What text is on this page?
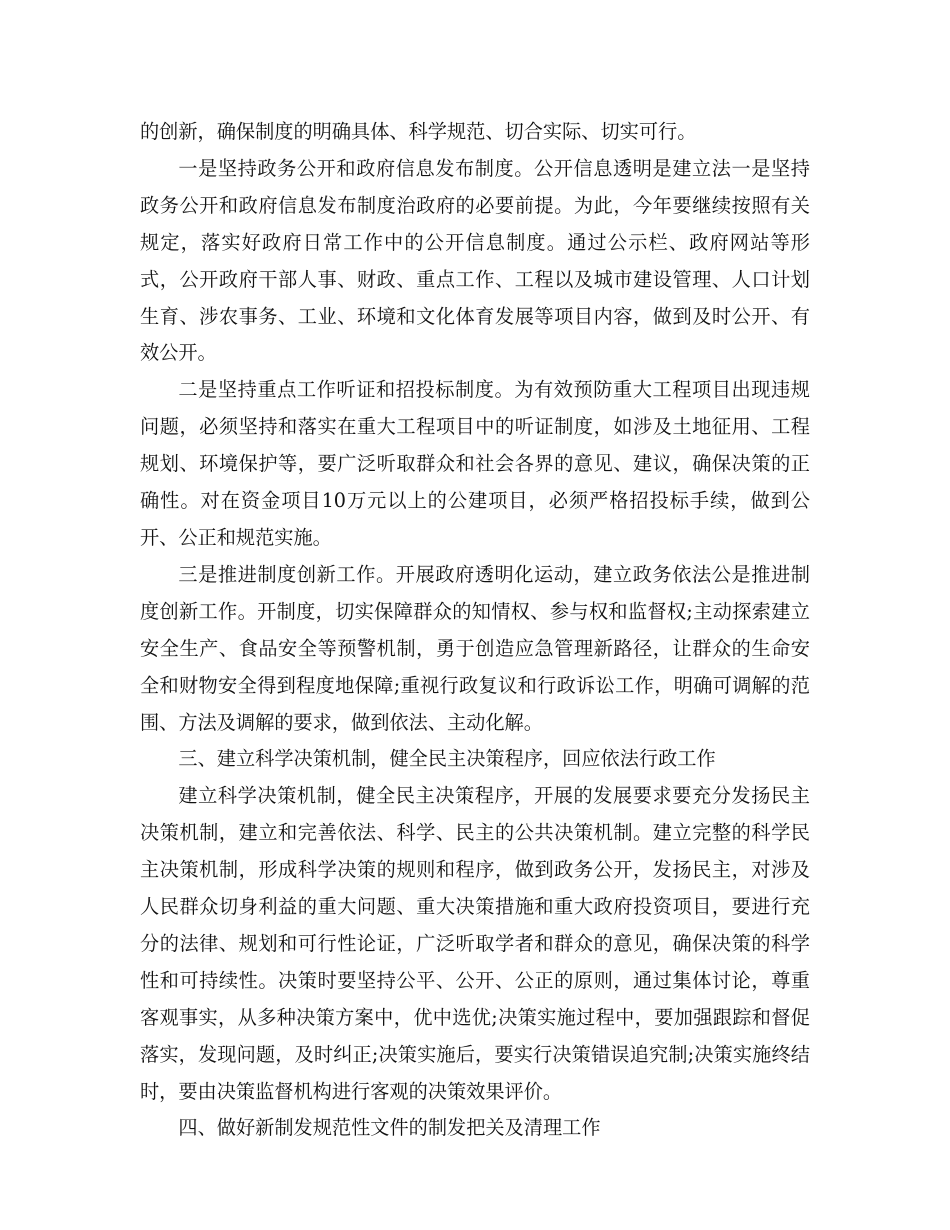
的创新，确保制度的明确具体、科学规范、切合实际、切实可行。

一是坚持政务公开和政府信息发布制度。公开信息透明是建立法一是坚持政务公开和政府信息发布制度治政府的必要前提。为此，今年要继续按照有关规定，落实好政府日常工作中的公开信息制度。通过公示栏、政府网站等形式，公开政府干部人事、财政、重点工作、工程以及城市建设管理、人口计划生育、涉农事务、工业、环境和文化体育发展等项目内容，做到及时公开、有效公开。

二是坚持重点工作听证和招投标制度。为有效预防重大工程项目出现违规问题，必须坚持和落实在重大工程项目中的听证制度，如涉及土地征用、工程规划、环境保护等，要广泛听取群众和社会各界的意见、建议，确保决策的正确性。对在资金项目10万元以上的公建项目，必须严格招投标手续，做到公开、公正和规范实施。

三是推进制度创新工作。开展政府透明化运动，建立政务依法公是推进制度创新工作。开制度，切实保障群众的知情权、参与权和监督权;主动探索建立安全生产、食品安全等预警机制，勇于创造应急管理新路径，让群众的生命安全和财物安全得到程度地保障;重视行政复议和行政诉讼工作，明确可调解的范围、方法及调解的要求，做到依法、主动化解。

三、建立科学决策机制，健全民主决策程序，回应依法行政工作

建立科学决策机制，健全民主决策程序，开展的发展要求要充分发扬民主决策机制，建立和完善依法、科学、民主的公共决策机制。建立完整的科学民主决策机制，形成科学决策的规则和程序，做到政务公开，发扬民主，对涉及人民群众切身利益的重大问题、重大决策措施和重大政府投资项目，要进行充分的法律、规划和可行性论证，广泛听取学者和群众的意见，确保决策的科学性和可持续性。决策时要坚持公平、公开、公正的原则，通过集体讨论，尊重客观事实，从多种决策方案中，优中选优;决策实施过程中，要加强跟踪和督促落实，发现问题，及时纠正;决策实施后，要实行决策错误追究制;决策实施终结时，要由决策监督机构进行客观的决策效果评价。

四、做好新制发规范性文件的制发把关及清理工作
